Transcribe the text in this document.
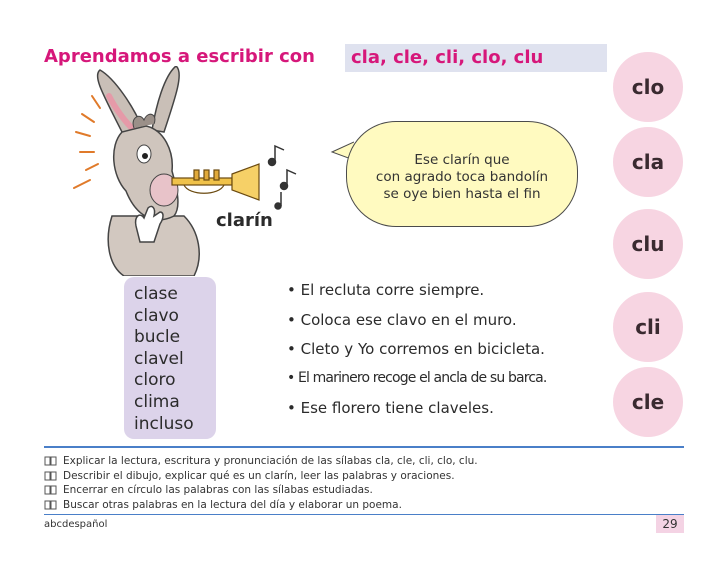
Aprendamos a escribir con	cla, cle, cli, clo, clu
clo
cla
clu
cli
cle
clarín
Ese clarín que
con agrado toca bandolín
se oye bien hasta el fin
clase
clavo
bucle
clavel
cloro
clima
incluso
• El recluta corre siempre.
• Coloca ese clavo en el muro.
• Cleto y Yo corremos en bicicleta.
• El marinero recoge el ancla de su barca.
• Ese florero tiene claveles.
Explicar la lectura, escritura y pronunciación de las sílabas cla, cle, cli, clo, clu.
Describir el dibujo, explicar qué es un clarín, leer las palabras y oraciones.
Encerrar en círculo las palabras con las sílabas estudiadas.
Buscar otras palabras en la lectura del día y elaborar un poema.
abcdespañol	29
